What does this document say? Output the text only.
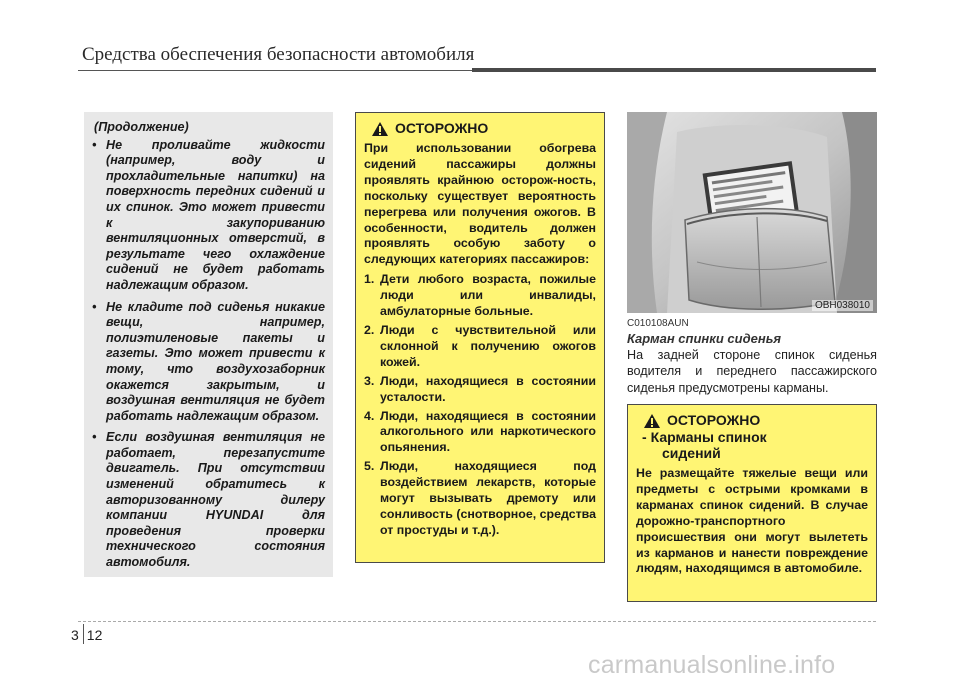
Средства обеспечения безопасности автомобиля
(Продолжение)
• Не проливайте жидкости (например, воду и прохладительные напитки) на поверхность передних сидений и их спинок. Это может привести к закупориванию вентиляционных отверстий, в результате чего охлаждение сидений не будет работать надлежащим образом.
• Не кладите под сиденья никакие вещи, например, полиэтиленовые пакеты и газеты. Это может привести к тому, что воздухозаборник окажется закрытым, и воздушная вентиляция не будет работать надлежащим образом.
• Если воздушная вентиляция не работает, перезапустите двигатель. При отсутствии изменений обратитесь к авторизованному дилеру компании HYUNDAI для проведения проверки технического состояния автомобиля.
ОСТОРОЖНО
При использовании обогрева сидений пассажиры должны проявлять крайнюю осторож-ность, поскольку существует вероятность перегрева или получения ожогов. В особенности, водитель должен проявлять особую заботу о следующих категориях пассажиров:
1. Дети любого возраста, пожилые люди или инвалиды, амбулаторные больные.
2. Люди с чувствительной или склонной к получению ожогов кожей.
3. Люди, находящиеся в состоянии усталости.
4. Люди, находящиеся в состоянии алкогольного или наркотического опьянения.
5. Люди, находящиеся под воздействием лекарств, которые могут вызывать дремоту или сонливость (снотворное, средства от простуды и т.д.).
OBH038010
C010108AUN
Карман спинки сиденья
На задней стороне спинок сиденья водителя и переднего пассажирского сиденья предусмотрены карманы.
ОСТОРОЖНО
- Карманы спинок
сидений
Не размещайте тяжелые вещи или предметы с острыми кромками в карманах спинок сидений. В случае дорожно-транспортного происшествия они могут вылететь из карманов и нанести повреждение людям, находящимся в автомобиле.
3 12
carmanualsonline.info
